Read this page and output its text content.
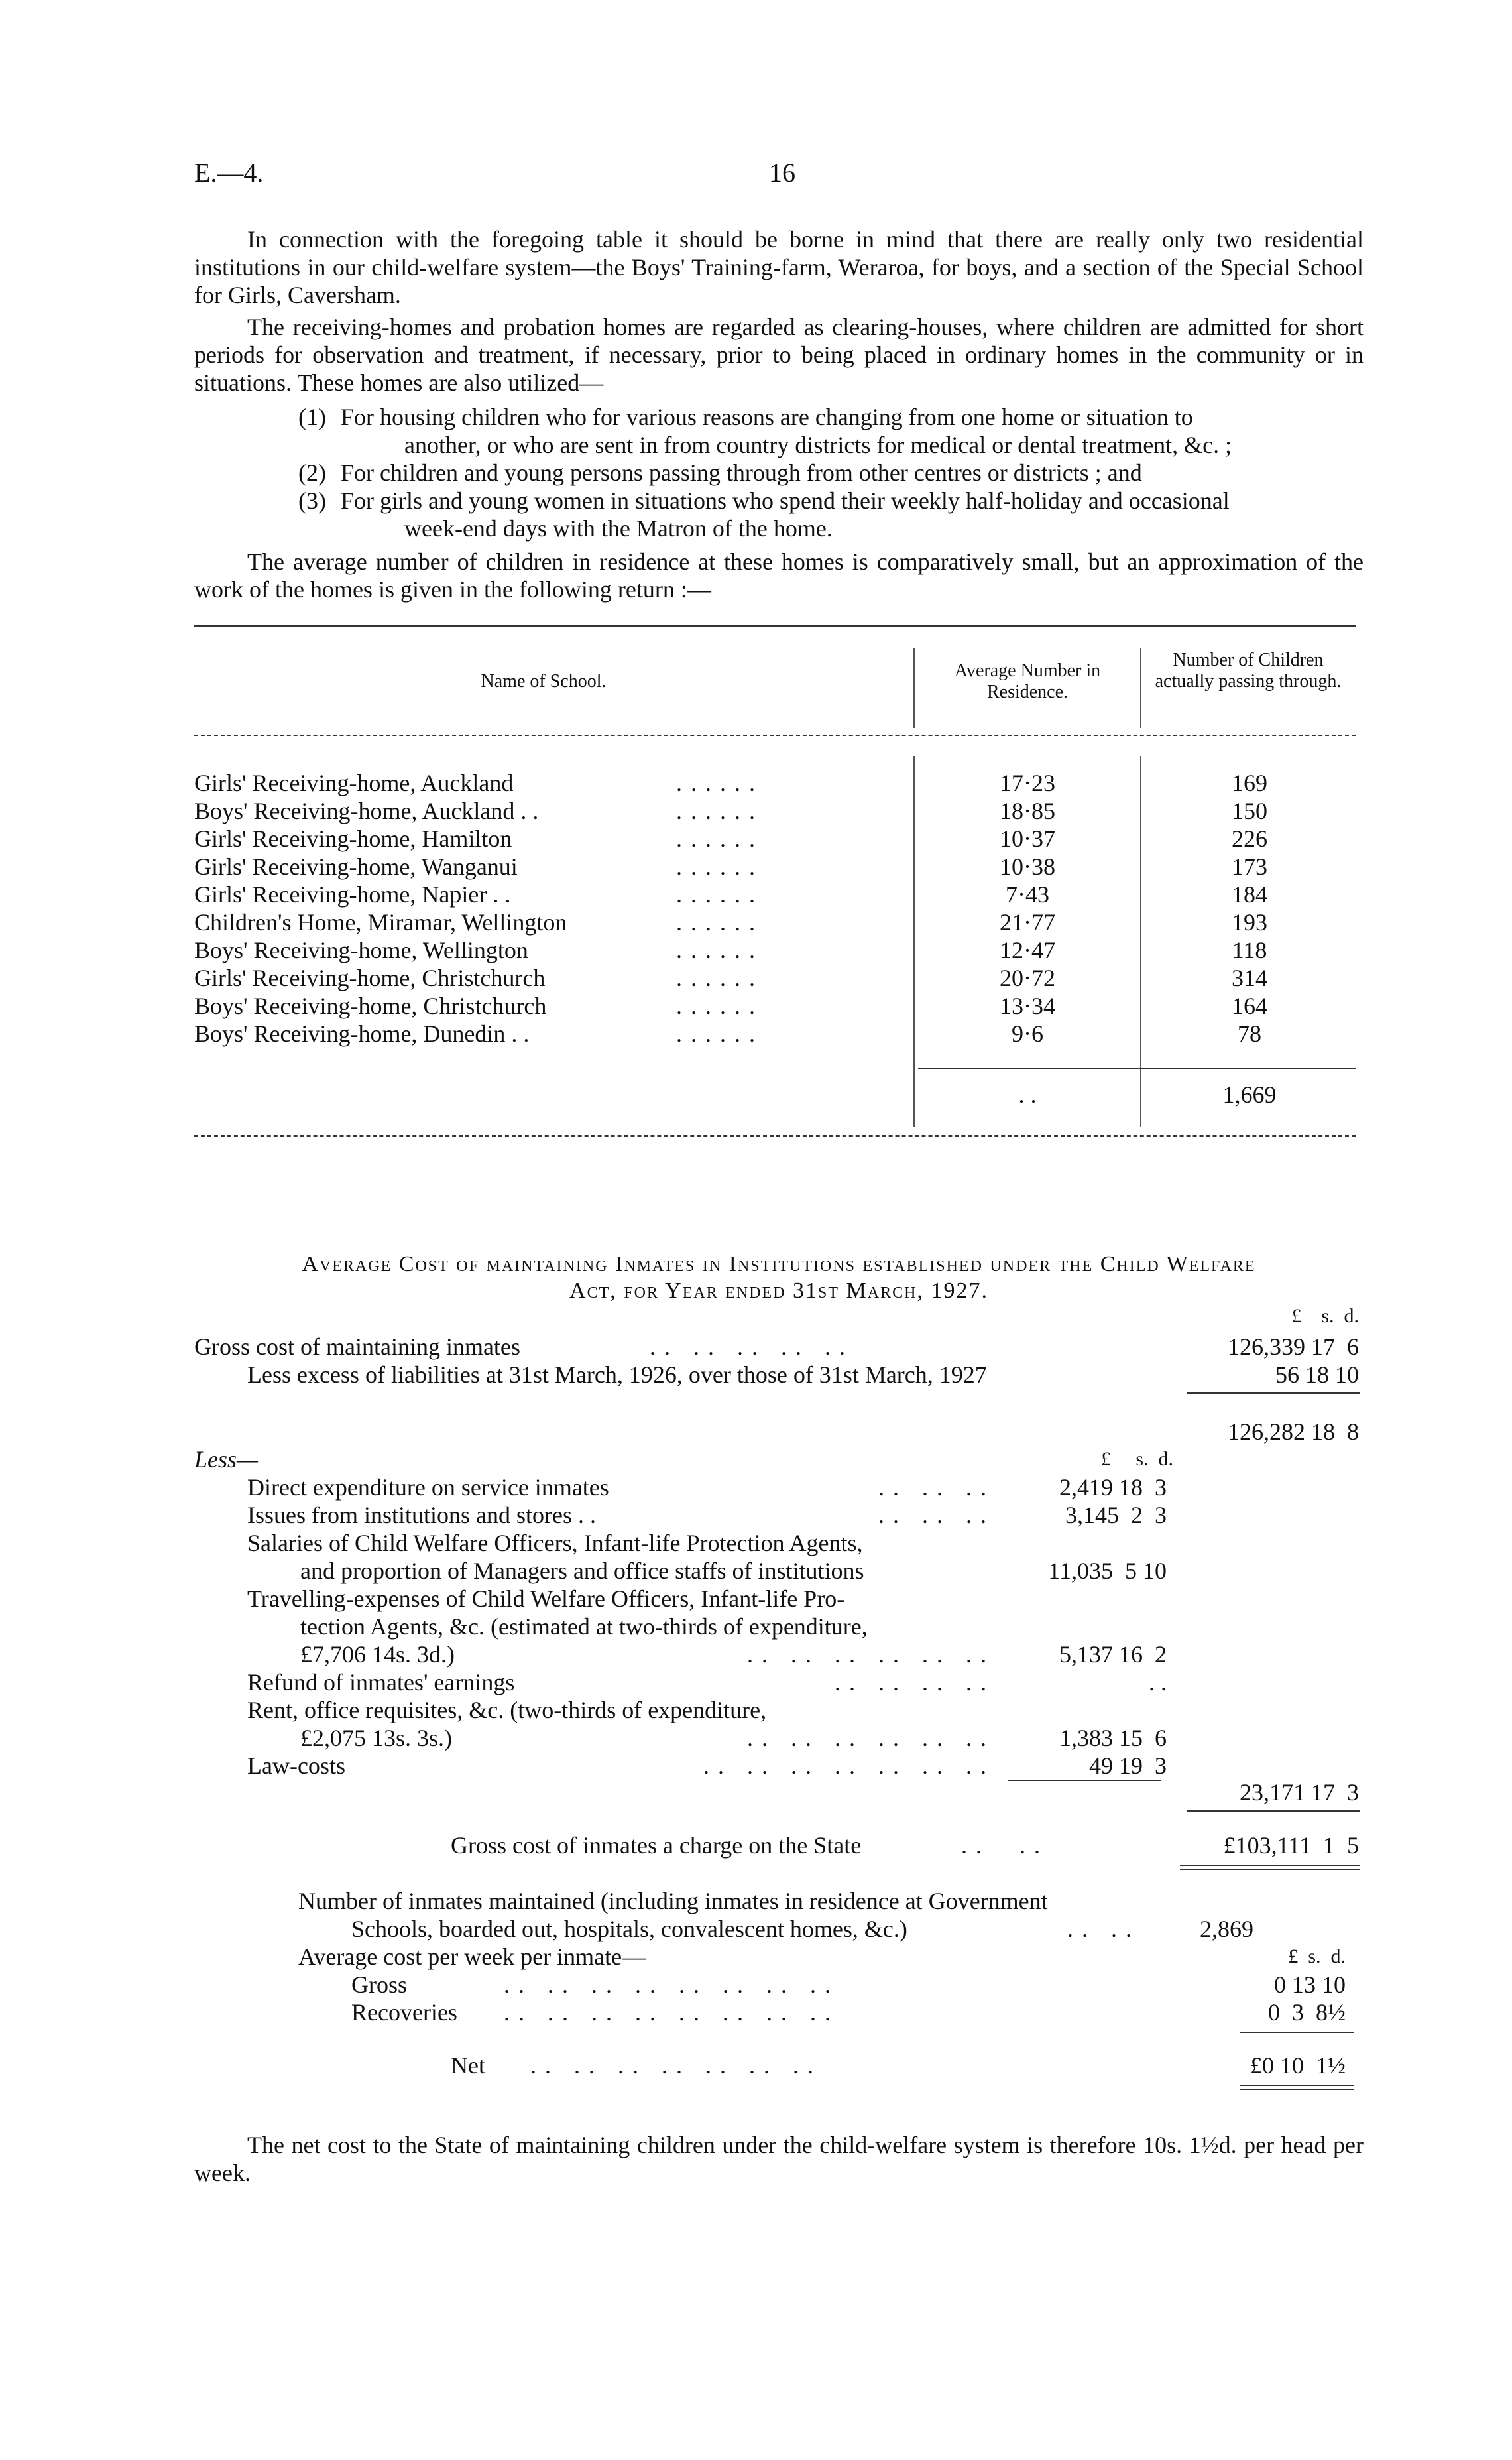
E.—4.	16
In connection with the foregoing table it should be borne in mind that there are really only two residential institutions in our child-welfare system—the Boys' Training-farm, Weraroa, for boys, and a section of the Special School for Girls, Caversham.
The receiving-homes and probation homes are regarded as clearing-houses, where children are admitted for short periods for observation and treatment, if necessary, prior to being placed in ordinary homes in the community or in situations. These homes are also utilized—
(1) For housing children who for various reasons are changing from one home or situation to
another, or who are sent in from country districts for medical or dental treatment, &c. ;
(2) For children and young persons passing through from other centres or districts ; and
(3) For girls and young women in situations who spend their weekly half-holiday and occasional
week-end days with the Matron of the home.
The average number of children in residence at these homes is comparatively small, but an approximation of the work of the homes is given in the following return :—
Name of School.
Average Number in Residence.
Number of Children actually passing through.
Girls' Receiving-home, Auckland	. . . . . .	17·23	169
Boys' Receiving-home, Auckland . .	. . . . . .	18·85	150
Girls' Receiving-home, Hamilton	. . . . . .	10·37	226
Girls' Receiving-home, Wanganui	. . . . . .	10·38	173
Girls' Receiving-home, Napier . .	. . . . . .	7·43	184
Children's Home, Miramar, Wellington	. . . . . .	21·77	193
Boys' Receiving-home, Wellington	. . . . . .	12·47	118
Girls' Receiving-home, Christchurch	. . . . . .	20·72	314
Boys' Receiving-home, Christchurch	. . . . . .	13·34	164
Boys' Receiving-home, Dunedin . .	. . . . . .	9·6	78
. .	1,669
Average Cost of maintaining Inmates in Institutions established under the Child Welfare
Act, for Year ended 31st March, 1927.
£    s.  d.
Gross cost of maintaining inmates	. .   . .   . .   . .   . .	126,339 17  6
Less excess of liabilities at 31st March, 1926, over those of 31st March, 1927	56 18 10
126,282 18  8
Less—	£     s.  d.
Direct expenditure on service inmates	. .   . .   . .	2,419 18  3
Issues from institutions and stores . .	. .   . .   . .	3,145  2  3
Salaries of Child Welfare Officers, Infant-life Protection Agents,
and proportion of Managers and office staffs of institutions	11,035  5 10
Travelling-expenses of Child Welfare Officers, Infant-life Pro-
tection Agents, &c. (estimated at two-thirds of expenditure,
£7,706 14s. 3d.)	. .   . .   . .   . .   . .   . .	5,137 16  2
Refund of inmates' earnings	. .   . .   . .   . .	. .
Rent, office requisites, &c. (two-thirds of expenditure,
£2,075 13s. 3s.)	. .   . .   . .   . .   . .   . .	1,383 15  6
Law-costs	. .   . .   . .   . .   . .   . .   . .	49 19  3
23,171 17  3
Gross cost of inmates a charge on the State	. .     . .	£103,111  1  5
Number of inmates maintained (including inmates in residence at Government
Schools, boarded out, hospitals, convalescent homes, &c.)	. .   . .	2,869
Average cost per week per inmate—	£  s.  d.
Gross	. .   . .   . .   . .   . .   . .   . .   . .	0 13 10
Recoveries . .   . .   . .   . .   . .   . .   . .   . .	0  3  8½
Net . .   . .   . .   . .   . .   . .   . .	£0 10  1½
The net cost to the State of maintaining children under the child-welfare system is therefore 10s. 1½d. per head per week.
